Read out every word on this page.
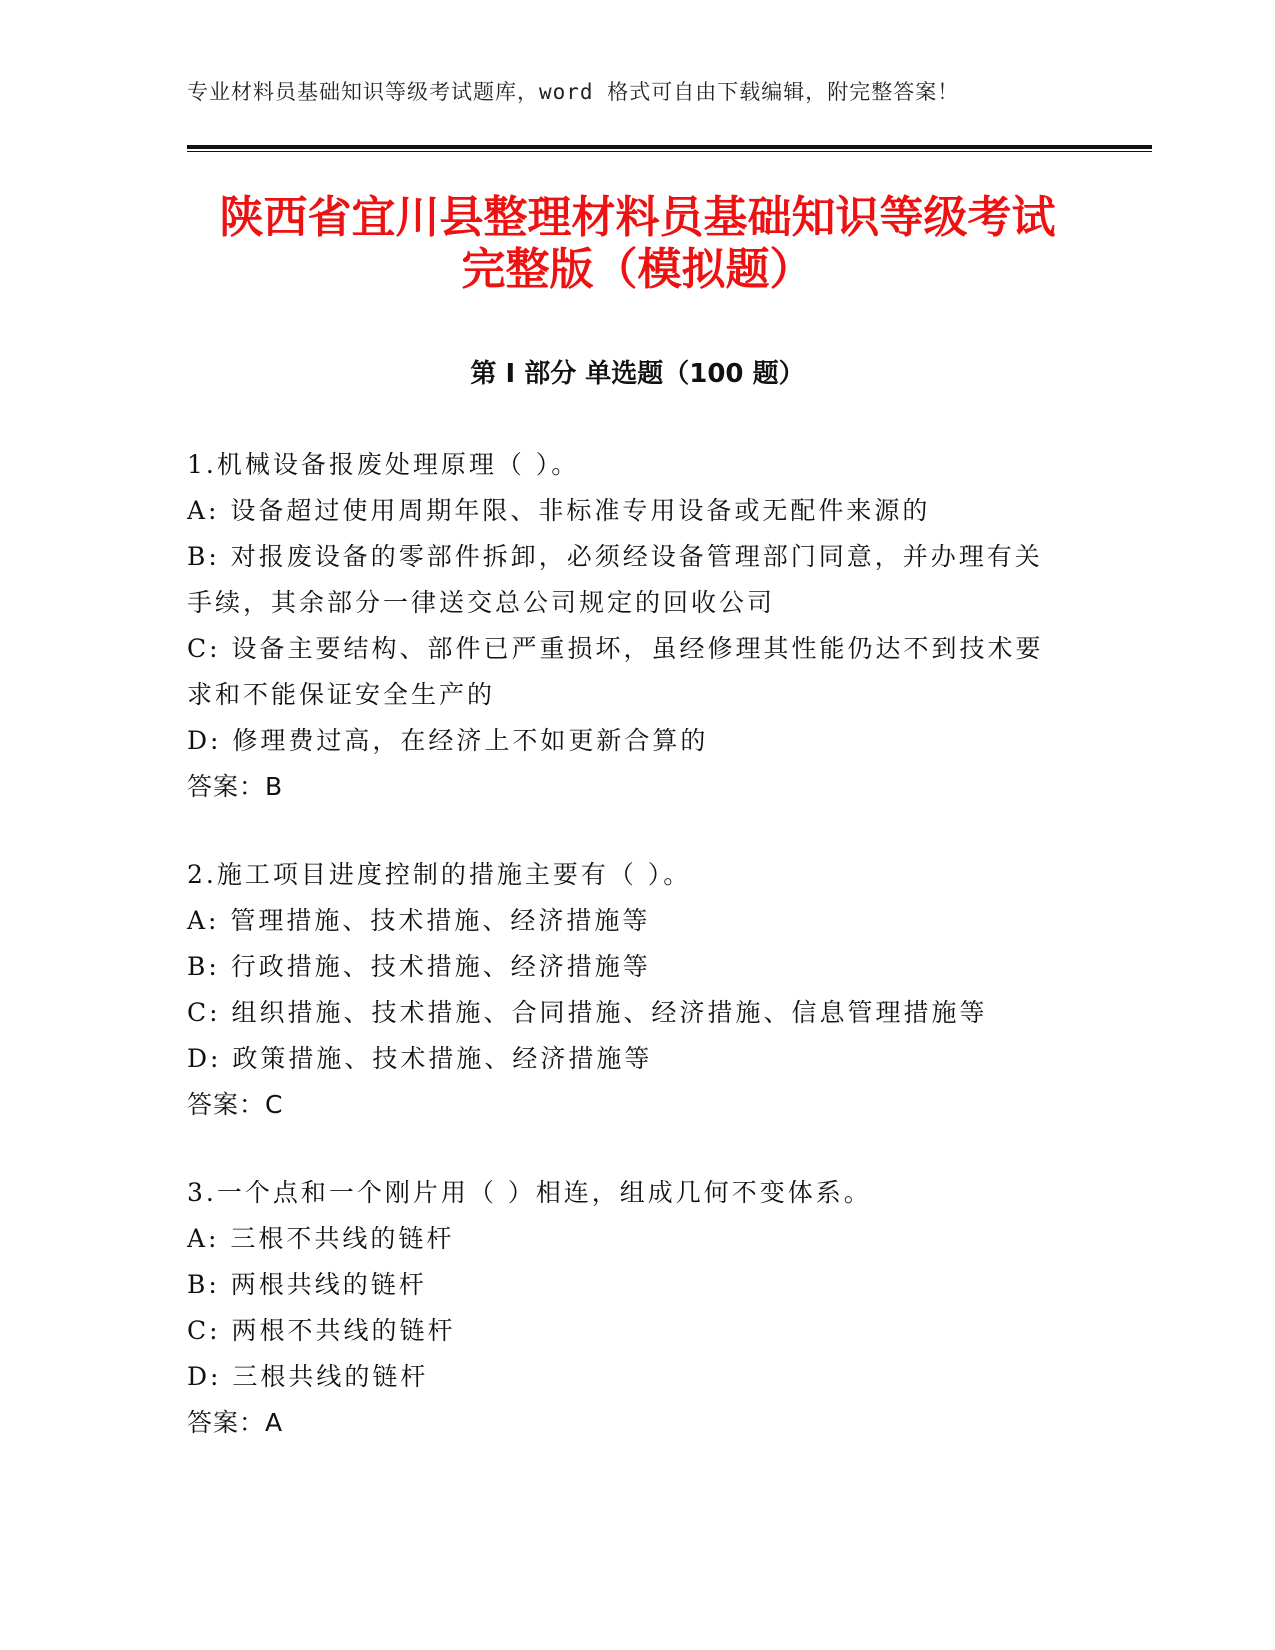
专业材料员基础知识等级考试题库，word 格式可自由下载编辑，附完整答案！
陕西省宜川县整理材料员基础知识等级考试
完整版（模拟题）
第 I 部分 单选题（100 题）
1.机械设备报废处理原理（ ）。
A: 设备超过使用周期年限、非标准专用设备或无配件来源的
B: 对报废设备的零部件拆卸，必须经设备管理部门同意，并办理有关
手续，其余部分一律送交总公司规定的回收公司
C: 设备主要结构、部件已严重损坏，虽经修理其性能仍达不到技术要
求和不能保证安全生产的
D: 修理费过高，在经济上不如更新合算的
答案：B
2.施工项目进度控制的措施主要有（ ）。
A: 管理措施、技术措施、经济措施等
B: 行政措施、技术措施、经济措施等
C: 组织措施、技术措施、合同措施、经济措施、信息管理措施等
D: 政策措施、技术措施、经济措施等
答案：C
3.一个点和一个刚片用（ ）相连，组成几何不变体系。
A: 三根不共线的链杆
B: 两根共线的链杆
C: 两根不共线的链杆
D: 三根共线的链杆
答案：A
